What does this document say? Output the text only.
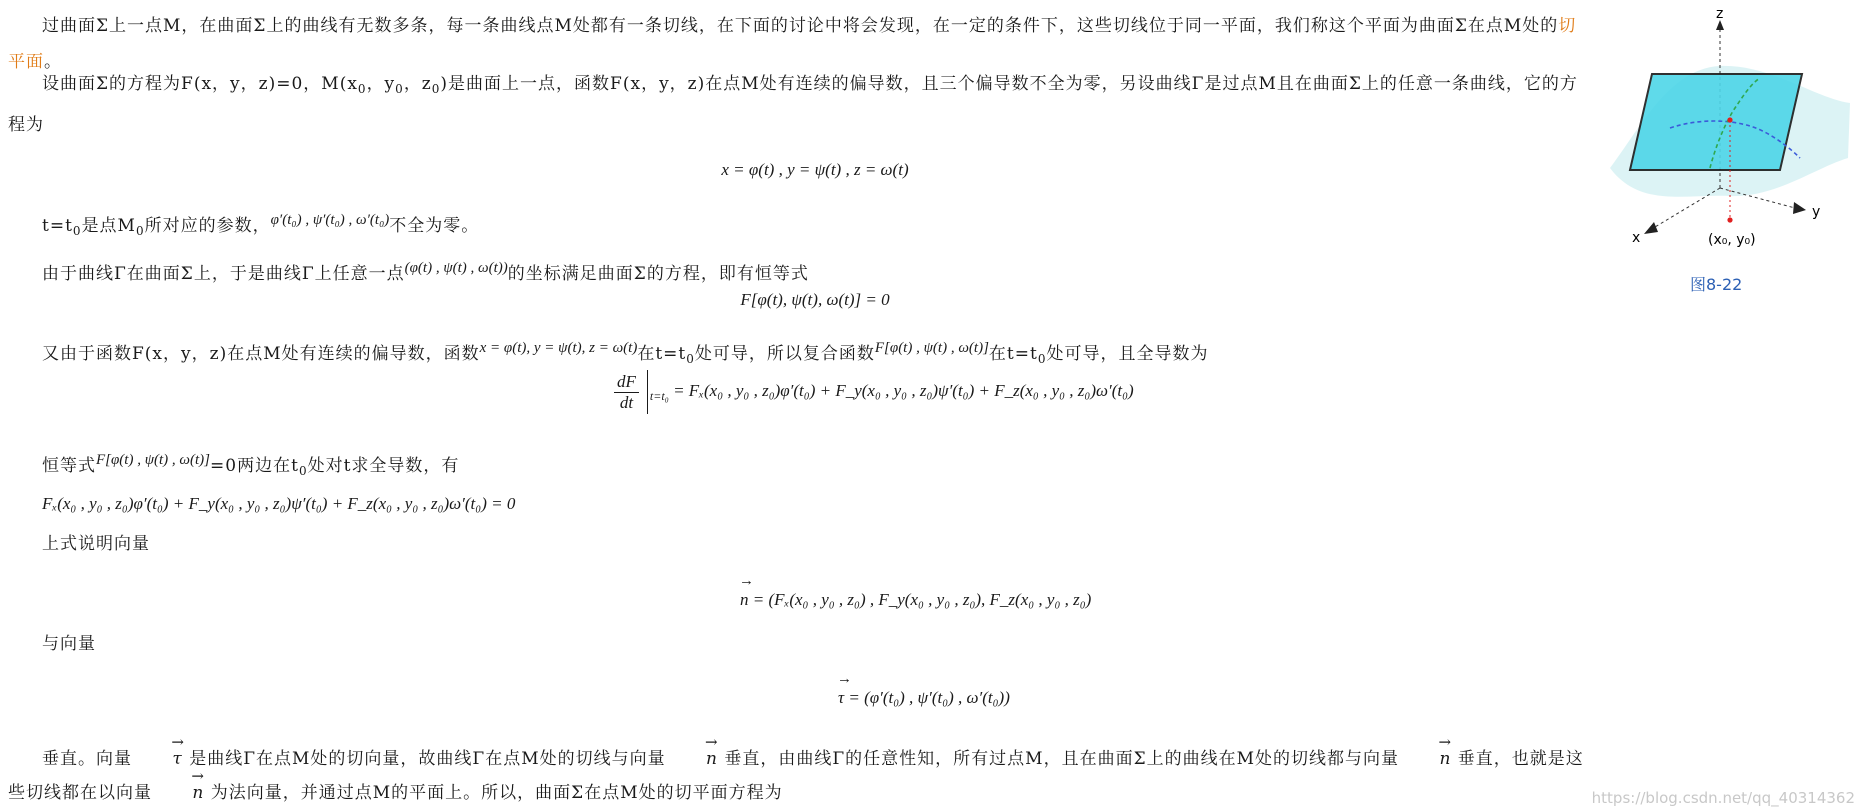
过曲面Σ上一点M，在曲面Σ上的曲线有无数多条，每一条曲线点M处都有一条切线，在下面的讨论中将会发现，在一定的条件下，这些切线位于同一平面，我们称这个平面为曲面Σ在点M处的切平面。
设曲面Σ的方程为F(x，y，z)=0，$M(x_0$，$y_0$，$z_0$)是曲面上一点，函数F(x，y，z)在点M处有连续的偏导数，且三个偏导数不全为零，另设曲线Γ是过点M且在曲面Σ上的任意一条曲线，它的方程为
x = φ(t) , y = ψ(t) , z = ω(t)
$t=t_0$是点$M_0$所对应的参数，φ′(t₀) , ψ′(t₀) , ω′(t₀)不全为零。
由于曲线Γ在曲面Σ上，于是曲线Γ上任意一点(φ(t) , ψ(t) , ω(t))的坐标满足曲面Σ的方程，即有恒等式
F[φ(t), ψ(t), ω(t)] = 0
又由于函数F(x，y，z)在点M处有连续的偏导数，函数x = φ(t), y = ψ(t), z = ω(t)在$t=t_0$处可导，所以复合函数F[φ(t) , ψ(t) , ω(t)]在$t=t_0$处可导，且全导数为
$\frac{dF}{dt} _{t=t_0} = F_x(x_0$ , y₀ , z₀)φ′(t₀) + F_y(x₀ , y₀ , z₀)ψ′(t₀) + F_z(x₀ , y₀ , z₀)ω′(t₀)
恒等式F[φ(t) , ψ(t) , ω(t)]=0两边在$t_0$处对t求全导数，有
Fₓ(x₀ , y₀ , z₀)φ′(t₀) + F_y(x₀ , y₀ , z₀)ψ′(t₀) + F_z(x₀ , y₀ , z₀)ω′(t₀) = 0
上式说明向量
→ n = (Fₓ(x₀ , y₀ , z₀) , F_y(x₀ , y₀ , z₀), F_z(x₀ , y₀ , z₀)
与向量
→ τ = (φ′(t₀) , ψ′(t₀) , ω′(t₀))
垂直。向量 → τ 是曲线Γ在点M处的切向量，故曲线Γ在点M处的切线与向量 → n 垂直，由曲线Γ的任意性知，所有过点M，且在曲面Σ上的曲线在M处的切线都与向量 → n 垂直，也就是这些切线都在以向量 → n 为法向量，并通过点M的平面上。所以，曲面Σ在点M处的切平面方程为
z
y
x	(x₀, y₀)
图8-22
https://blog.csdn.net/qq_40314362
